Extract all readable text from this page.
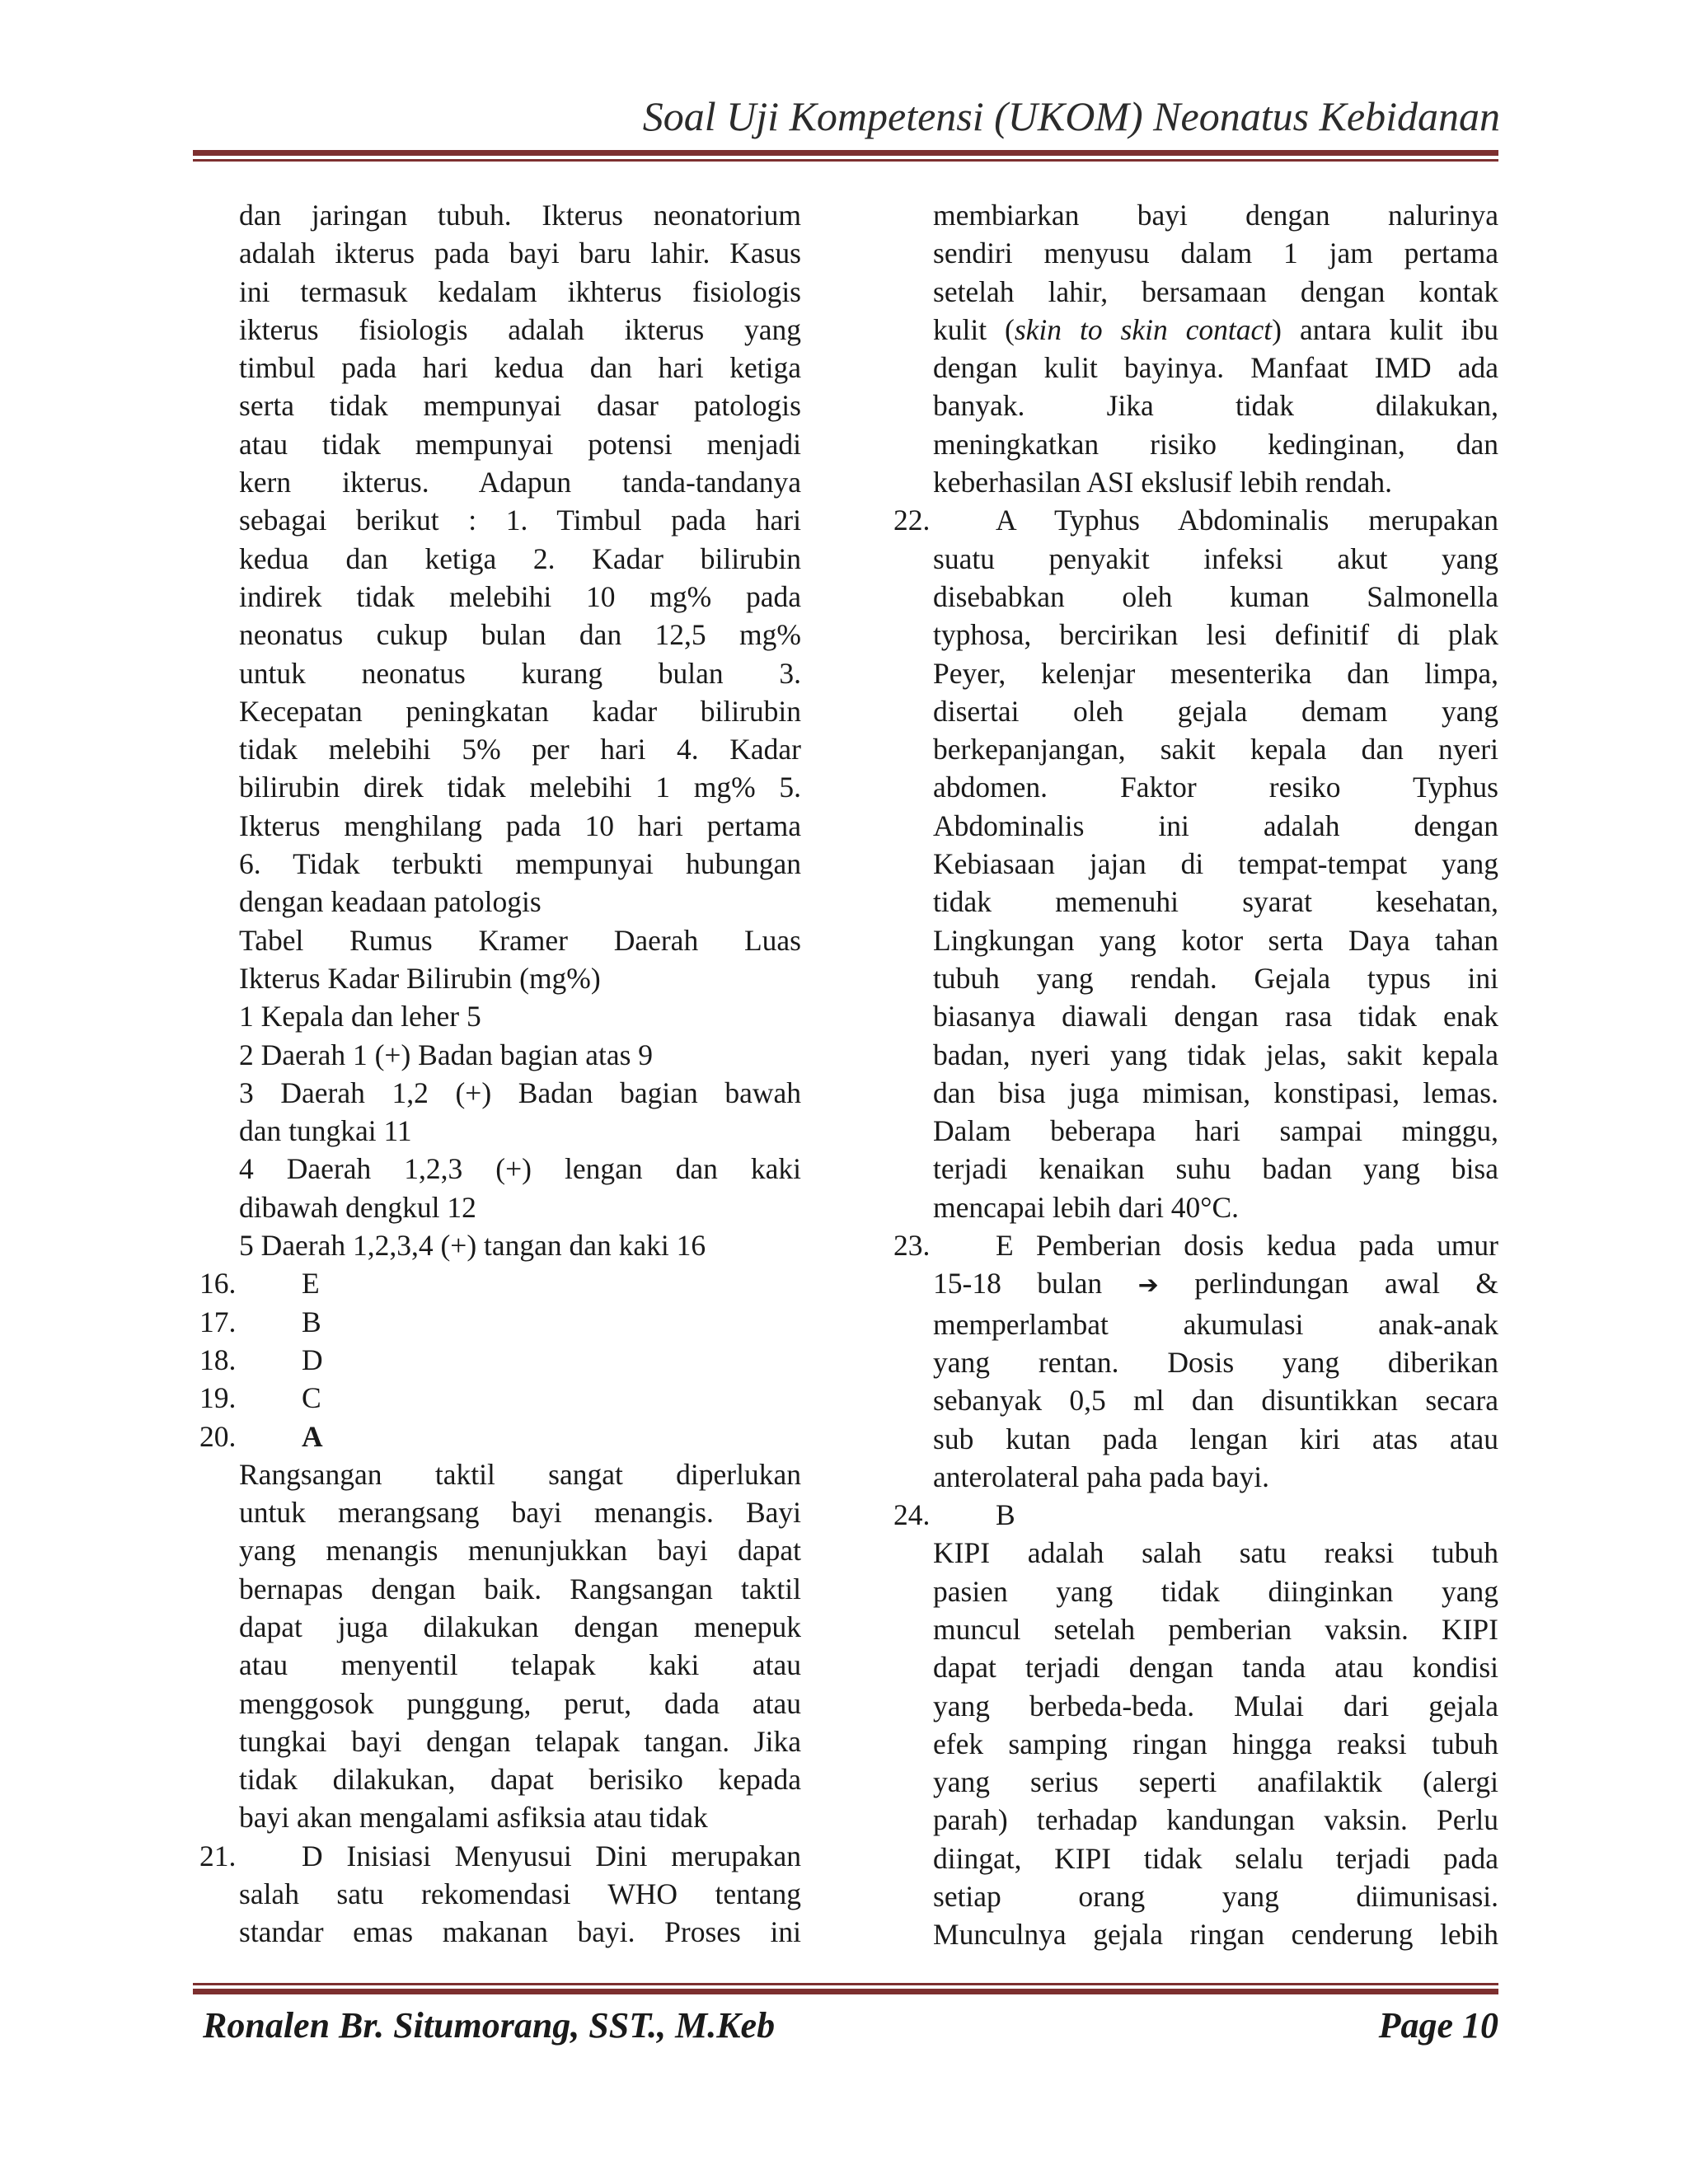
Soal Uji Kompetensi (UKOM) Neonatus Kebidanan
dan jaringan tubuh. Ikterus neonatorium
adalah ikterus pada bayi baru lahir. Kasus
ini termasuk kedalam ikhterus fisiologis
ikterus fisiologis adalah ikterus yang
timbul pada hari kedua dan hari ketiga
serta tidak mempunyai dasar patologis
atau tidak mempunyai potensi menjadi
kern ikterus. Adapun tanda-tandanya
sebagai berikut : 1. Timbul pada hari
kedua dan ketiga 2. Kadar bilirubin
indirek tidak melebihi 10 mg% pada
neonatus cukup bulan dan 12,5 mg%
untuk neonatus kurang bulan 3.
Kecepatan peningkatan kadar bilirubin
tidak melebihi 5% per hari 4. Kadar
bilirubin direk tidak melebihi 1 mg% 5.
Ikterus menghilang pada 10 hari pertama
6. Tidak terbukti mempunyai hubungan
dengan keadaan patologis
Tabel Rumus Kramer Daerah Luas
Ikterus Kadar Bilirubin (mg%)
1 Kepala dan leher 5
2 Daerah 1 (+) Badan bagian atas 9
3 Daerah 1,2 (+) Badan bagian bawah
dan tungkai 11
4 Daerah 1,2,3 (+) lengan dan kaki
dibawah dengkul 12
5 Daerah 1,2,3,4 (+) tangan dan kaki 16
16.	E
17.	B
18.	D
19.	C
20.	A
Rangsangan taktil sangat diperlukan
untuk merangsang bayi menangis. Bayi
yang menangis menunjukkan bayi dapat
bernapas dengan baik. Rangsangan taktil
dapat juga dilakukan dengan menepuk
atau menyentil telapak kaki atau
menggosok punggung, perut, dada atau
tungkai bayi dengan telapak tangan. Jika
tidak dilakukan, dapat berisiko kepada
bayi akan mengalami asfiksia atau tidak
21.	D Inisiasi Menyusui Dini merupakan
salah satu rekomendasi WHO tentang
standar emas makanan bayi. Proses ini
membiarkan bayi dengan nalurinya
sendiri menyusu dalam 1 jam pertama
setelah lahir, bersamaan dengan kontak
kulit (skin to skin contact) antara kulit ibu
dengan kulit bayinya. Manfaat IMD ada
banyak. Jika tidak dilakukan,
meningkatkan risiko kedinginan, dan
keberhasilan ASI ekslusif lebih rendah.
22.	A Typhus Abdominalis merupakan
suatu penyakit infeksi akut yang
disebabkan oleh kuman Salmonella
typhosa, bercirikan lesi definitif di plak
Peyer, kelenjar mesenterika dan limpa,
disertai oleh gejala demam yang
berkepanjangan, sakit kepala dan nyeri
abdomen. Faktor resiko Typhus
Abdominalis ini adalah dengan
Kebiasaan jajan di tempat-tempat yang
tidak memenuhi syarat kesehatan,
Lingkungan yang kotor serta Daya tahan
tubuh yang rendah. Gejala typus ini
biasanya diawali dengan rasa tidak enak
badan, nyeri yang tidak jelas, sakit kepala
dan bisa juga mimisan, konstipasi, lemas.
Dalam beberapa hari sampai minggu,
terjadi kenaikan suhu badan yang bisa
mencapai lebih dari 40°C.
23.	E Pemberian dosis kedua pada umur
15-18 bulan ➔ perlindungan awal &
memperlambat akumulasi anak-anak
yang rentan. Dosis yang diberikan
sebanyak 0,5 ml dan disuntikkan secara
sub kutan pada lengan kiri atas atau
anterolateral paha pada bayi.
24.	B
KIPI adalah salah satu reaksi tubuh
pasien yang tidak diinginkan yang
muncul setelah pemberian vaksin. KIPI
dapat terjadi dengan tanda atau kondisi
yang berbeda-beda. Mulai dari gejala
efek samping ringan hingga reaksi tubuh
yang serius seperti anafilaktik (alergi
parah) terhadap kandungan vaksin. Perlu
diingat, KIPI tidak selalu terjadi pada
setiap orang yang diimunisasi.
Munculnya gejala ringan cenderung lebih
Ronalen Br. Situmorang, SST., M.Keb	Page 10
